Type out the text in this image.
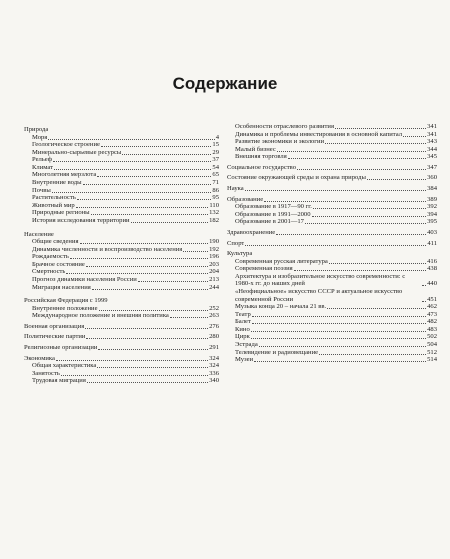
Содержание
Природа
Моря	4
Геологическое строение	15
Минерально-сырьевые ресурсы	29
Рельеф	37
Климат	54
Многолетняя мерзлота	65
Внутренние воды	71
Почвы	86
Растительность	95
Животный мир	110
Природные регионы	132
История исследования территории	182
Население
Общие сведения	190
Динамика численности и воспроизводство населения	192
Рождаемость	196
Брачное состояние	203
Смертность	204
Прогноз динамики населения России	213
Миграция населения	244
Российская Федерация с 1999
Внутреннее положение	252
Международное положение и внешняя политика	263
Военная организация	276
Политические партии	280
Религиозные организации	291
Экономика	324
Общая характеристика	324
Занятость	336
Трудовая миграция	340
Особенности отраслевого развития	341
Динамика и проблемы инвестирования в основной капитал	341
Развитие экономики и экологии	343
Малый бизнес	344
Внешняя торговля	345
Социальное государство	347
Состояние окружающей среды и охрана природы	360
Наука	384
Образование	389
Образование в 1917—90 гг.	392
Образование в 1991—2000	394
Образование в 2001—17	395
Здравоохранение	403
Спорт	411
Культура
Современная русская литература	416
Современная поэзия	438
Архитектура и изобразительное искусство современности: с 1980-х гг. до наших дней	440
«Неофициальное» искусство СССР и актуальное искусство современной России	451
Музыка конца 20 – начала 21 вв.	462
Театр	473
Балет	482
Кино	483
Цирк	502
Эстрада	504
Телевидение и радиовещание	512
Музеи	514
